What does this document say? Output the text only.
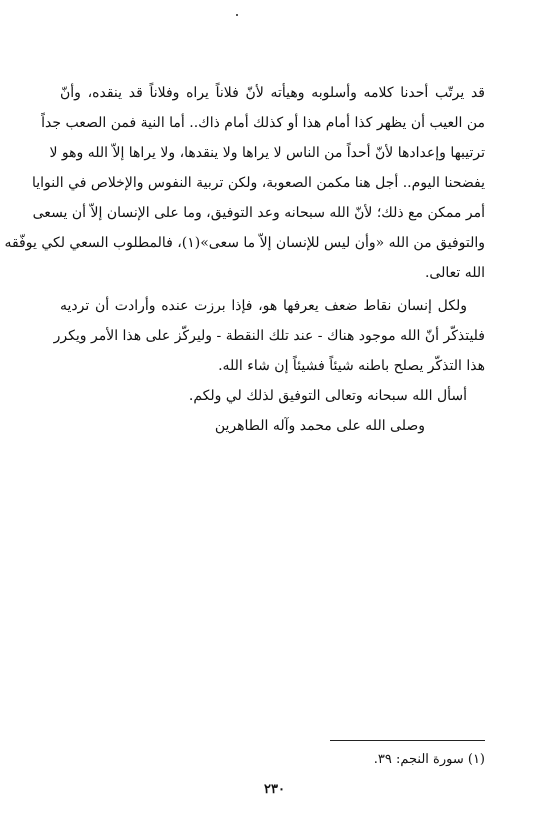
قد يرتّب أحدنا كلامه وأسلوبه وهيأته لأنّ فلاناً يراه وفلاناً قد ينقده، وأنّ
من العيب أن يظهر كذا أمام هذا أو كذلك أمام ذاك.. أما النية فمن الصعب جداً
ترتيبها وإعدادها لأنّ أحداً من الناس لا يراها ولا ينقدها، ولا يراها إلاّ الله وهو لا
يفضحنا اليوم.. أجل هنا مكمن الصعوبة، ولكن تربية النفوس والإخلاص في النوايا
أمر ممكن مع ذلك؛ لأنّ الله سبحانه وعد التوفيق، وما على الإنسان إلاّ أن يسعى
والتوفيق من الله «وأن ليس للإنسان إلاّ ما سعى»(١)، فالمطلوب السعي لكي يوفّقه
الله تعالى.
ولكل إنسان نقاط ضعف يعرفها هو، فإذا برزت عنده وأرادت أن ترديه
فليتذكّر أنّ الله موجود هناك - عند تلك النقطة - وليركّز على هذا الأمر ويكرر
هذا التذكّر يصلح باطنه شيئاً فشيئاً إن شاء الله.
أسأل الله سبحانه وتعالى التوفيق لذلك لي ولكم.
وصلى الله على محمد وآله الطاهرين
(١) سورة النجم: ٣٩.
٢٣٠
